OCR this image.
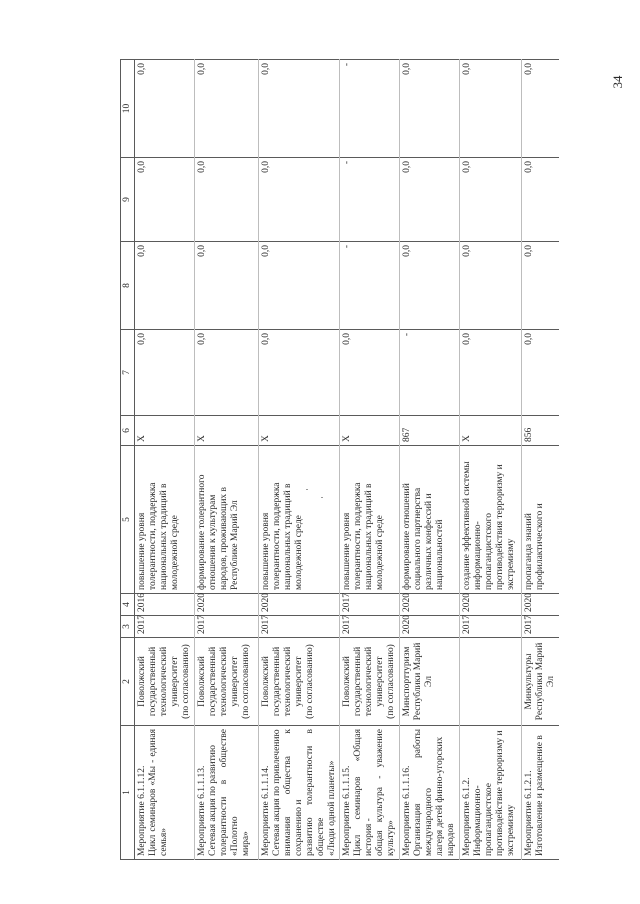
34
1	2	3	4	5	6	7	8	9	10

Мероприятие 6.1.1.12. Цикл семинаров «Мы - единая семья»	Поволжский государственный технологический университет (по согласованию)	2017	2016	повышение уровня толерантности, поддержка национальных традиций в молодежной среде	X	0,0	0,0	0,0	0,0

Мероприятие 6.1.1.13. Сетевая акция по развитию толерантности в обществе «Полотно мира»	Поволжский государственный технологический университет (по согласованию)	2017	2020	формирование толерантного отношения к культурам народов, проживающих в Республике Марий Эл	X	0,0	0,0	0,0	0,0

Мероприятие 6.1.1.14. Сетевая акция по привлечению внимания общества к сохранению и развитию толерантности в обществе «Люди одной планеты»	Поволжский государственный технологический университет (по согласованию)	2017	2020	повышение уровня толерантности, поддержка национальных традиций в молодежной среде	X	0,0	0,0	0,0	0,0

Мероприятие 6.1.1.15. Цикл семинаров «Общая история - общая культура - уважение культур»	Поволжский государственный технологический университет (по согласованию)	2017	2017	повышение уровня толерантности, поддержка национальных традиций в молодежной среде	X	0,0	-	-	-

Мероприятие 6.1.1.16. Организация работы международного лагеря детей финно-угорских народов	Минспорттуризм Республики Марий Эл	2020	2020	формирование отношений социального партнерства различных конфессий и национальностей	867	-	0,0	0,0	0,0

Мероприятие 6.1.2. Информационно-пропагандистское противодействие терроризму и экстремизму		2017	2020	создание эффективной системы информационно- пропагандистского противодействия терроризму и экстремизму	X	0,0	0,0	0,0	0,0

Мероприятие 6.1.2.1. Изготовление и размещение в	Минкультуры Республики Марий Эл	2017	2020	пропаганда знаний профилактического и	856	0,0	0,0	0,0	0,0
